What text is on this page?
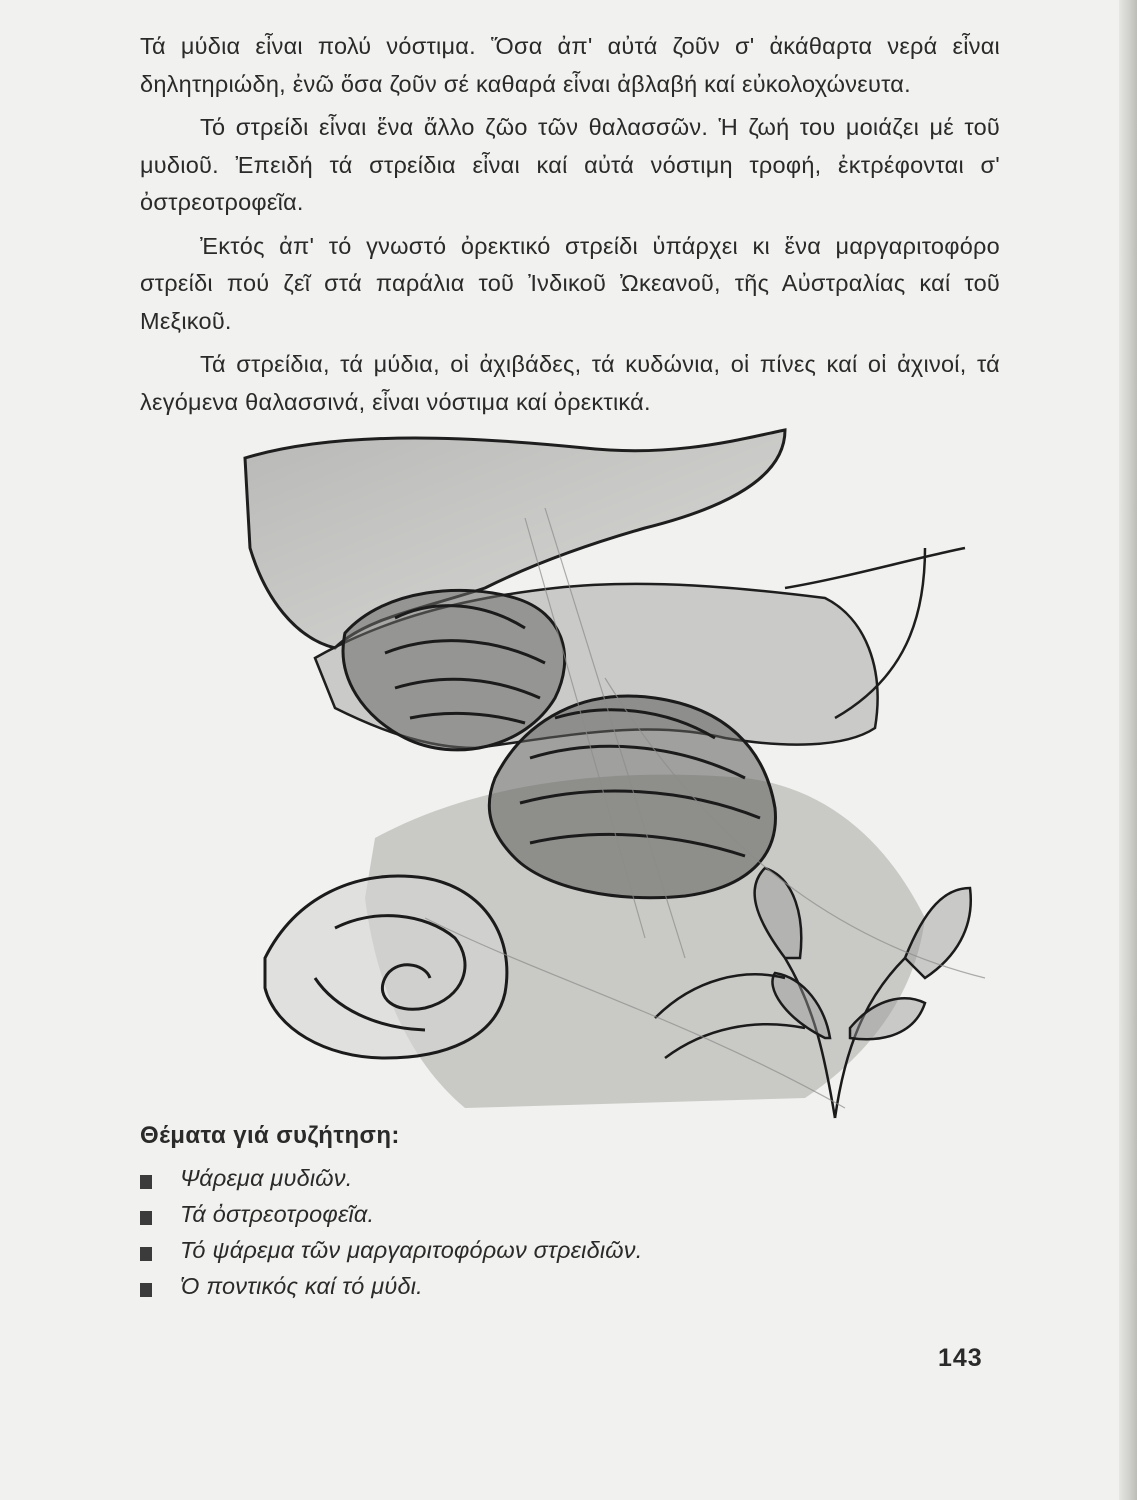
Τά μύδια εἶναι πολύ νόστιμα. Ὅσα ἀπ' αὐτά ζοῦν σ' ἀκάθαρτα νερά εἶναι δηλητηριώδη, ἐνῶ ὅσα ζοῦν σέ καθαρά εἶναι ἀβλαβή καί εὐκολοχώνευτα.

Τό στρείδι εἶναι ἕνα ἄλλο ζῶο τῶν θαλασσῶν. Ἡ ζωή του μοιάζει μέ τοῦ μυδιοῦ. Ἐπειδή τά στρείδια εἶναι καί αὐτά νόστιμη τροφή, ἐκτρέφονται σ' ὀστρεοτροφεῖα.

Ἐκτός ἀπ' τό γνωστό ὀρεκτικό στρείδι ὑπάρχει κι ἕνα μαργαριτοφόρο στρείδι πού ζεῖ στά παράλια τοῦ Ἰνδικοῦ Ὠκεανοῦ, τῆς Αὐστραλίας καί τοῦ Μεξικοῦ.

Τά στρείδια, τά μύδια, οἱ ἀχιβάδες, τά κυδώνια, οἱ πίνες καί οἱ ἀχινοί, τά λεγόμενα θαλασσινά, εἶναι νόστιμα καί ὀρεκτικά.

Θέματα γιά συζήτηση:
Ψάρεμα μυδιῶν.
Τά ὀστρεοτροφεῖα.
Τό ψάρεμα τῶν μαργαριτοφόρων στρειδιῶν.
Ὁ ποντικός καί τό μύδι.
143
